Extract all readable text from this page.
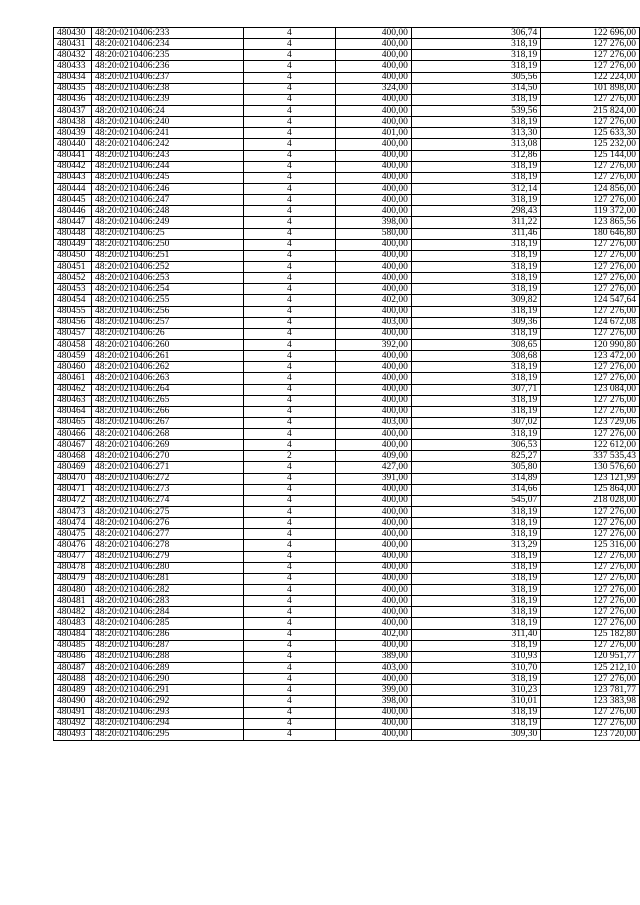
480430	48:20:0210406:233	4	400,00	306,74	122 696,00
480431	48:20:0210406:234	4	400,00	318,19	127 276,00
480432	48:20:0210406:235	4	400,00	318,19	127 276,00
480433	48:20:0210406:236	4	400,00	318,19	127 276,00
480434	48:20:0210406:237	4	400,00	305,56	122 224,00
480435	48:20:0210406:238	4	324,00	314,50	101 898,00
480436	48:20:0210406:239	4	400,00	318,19	127 276,00
480437	48:20:0210406:24	4	400,00	539,56	215 824,00
480438	48:20:0210406:240	4	400,00	318,19	127 276,00
480439	48:20:0210406:241	4	401,00	313,30	125 633,30
480440	48:20:0210406:242	4	400,00	313,08	125 232,00
480441	48:20:0210406:243	4	400,00	312,86	125 144,00
480442	48:20:0210406:244	4	400,00	318,19	127 276,00
480443	48:20:0210406:245	4	400,00	318,19	127 276,00
480444	48:20:0210406:246	4	400,00	312,14	124 856,00
480445	48:20:0210406:247	4	400,00	318,19	127 276,00
480446	48:20:0210406:248	4	400,00	298,43	119 372,00
480447	48:20:0210406:249	4	398,00	311,22	123 865,56
480448	48:20:0210406:25	4	580,00	311,46	180 646,80
480449	48:20:0210406:250	4	400,00	318,19	127 276,00
480450	48:20:0210406:251	4	400,00	318,19	127 276,00
480451	48:20:0210406:252	4	400,00	318,19	127 276,00
480452	48:20:0210406:253	4	400,00	318,19	127 276,00
480453	48:20:0210406:254	4	400,00	318,19	127 276,00
480454	48:20:0210406:255	4	402,00	309,82	124 547,64
480455	48:20:0210406:256	4	400,00	318,19	127 276,00
480456	48:20:0210406:257	4	403,00	309,36	124 672,08
480457	48:20:0210406:26	4	400,00	318,19	127 276,00
480458	48:20:0210406:260	4	392,00	308,65	120 990,80
480459	48:20:0210406:261	4	400,00	308,68	123 472,00
480460	48:20:0210406:262	4	400,00	318,19	127 276,00
480461	48:20:0210406:263	4	400,00	318,19	127 276,00
480462	48:20:0210406:264	4	400,00	307,71	123 084,00
480463	48:20:0210406:265	4	400,00	318,19	127 276,00
480464	48:20:0210406:266	4	400,00	318,19	127 276,00
480465	48:20:0210406:267	4	403,00	307,02	123 729,06
480466	48:20:0210406:268	4	400,00	318,19	127 276,00
480467	48:20:0210406:269	4	400,00	306,53	122 612,00
480468	48:20:0210406:270	2	409,00	825,27	337 535,43
480469	48:20:0210406:271	4	427,00	305,80	130 576,60
480470	48:20:0210406:272	4	391,00	314,89	123 121,99
480471	48:20:0210406:273	4	400,00	314,66	125 864,00
480472	48:20:0210406:274	4	400,00	545,07	218 028,00
480473	48:20:0210406:275	4	400,00	318,19	127 276,00
480474	48:20:0210406:276	4	400,00	318,19	127 276,00
480475	48:20:0210406:277	4	400,00	318,19	127 276,00
480476	48:20:0210406:278	4	400,00	313,29	125 316,00
480477	48:20:0210406:279	4	400,00	318,19	127 276,00
480478	48:20:0210406:280	4	400,00	318,19	127 276,00
480479	48:20:0210406:281	4	400,00	318,19	127 276,00
480480	48:20:0210406:282	4	400,00	318,19	127 276,00
480481	48:20:0210406:283	4	400,00	318,19	127 276,00
480482	48:20:0210406:284	4	400,00	318,19	127 276,00
480483	48:20:0210406:285	4	400,00	318,19	127 276,00
480484	48:20:0210406:286	4	402,00	311,40	125 182,80
480485	48:20:0210406:287	4	400,00	318,19	127 276,00
480486	48:20:0210406:288	4	389,00	310,93	120 951,77
480487	48:20:0210406:289	4	403,00	310,70	125 212,10
480488	48:20:0210406:290	4	400,00	318,19	127 276,00
480489	48:20:0210406:291	4	399,00	310,23	123 781,77
480490	48:20:0210406:292	4	398,00	310,01	123 383,98
480491	48:20:0210406:293	4	400,00	318,19	127 276,00
480492	48:20:0210406:294	4	400,00	318,19	127 276,00
480493	48:20:0210406:295	4	400,00	309,30	123 720,00
